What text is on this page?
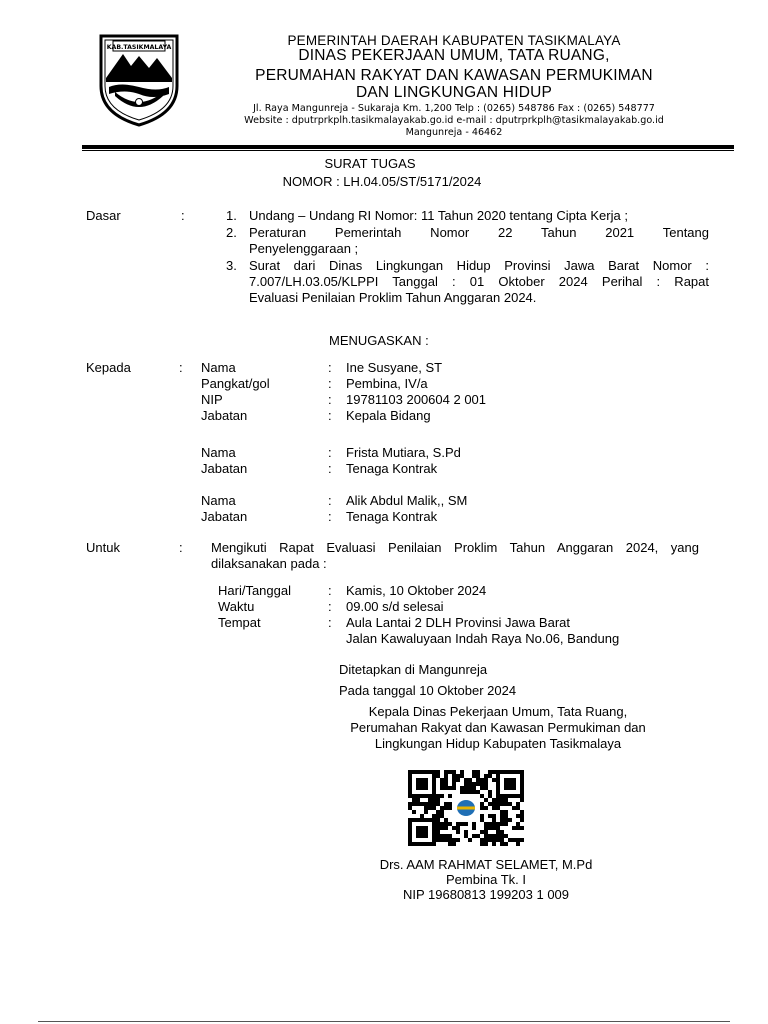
KAB.TASIKMALAYA	PEMERINTAH DAERAH KABUPATEN TASIKMALAYA
DINAS PEKERJAAN UMUM, TATA RUANG,
PERUMAHAN RAKYAT DAN KAWASAN PERMUKIMAN
DAN LINGKUNGAN HIDUP
Jl. Raya Mangunreja - Sukaraja Km. 1,200 Telp : (0265) 548786 Fax : (0265) 548777
Website : dputrprkplh.tasikmalayakab.go.id e-mail : dputrprkplh@tasikmalayakab.go.id
Mangunreja - 46462
SURAT TUGAS
NOMOR : LH.04.05/ST/5171/2024
Dasar	:	1. Undang – Undang RI Nomor: 11 Tahun 2020 tentang Cipta Kerja ;
2. Peraturan Pemerintah Nomor 22 Tahun 2021 Tentang
Penyelenggaraan ;
3. Surat dari Dinas Lingkungan Hidup Provinsi Jawa Barat Nomor :
7.007/LH.03.05/KLPPI Tanggal : 01 Oktober 2024 Perihal : Rapat
Evaluasi Penilaian Proklim Tahun Anggaran 2024.
MENUGASKAN :
Kepada	: Nama	: Ine Susyane, ST
Pangkat/gol	: Pembina, IV/a
NIP	: 19781103 200604 2 001
Jabatan	: Kepala Bidang
Nama	: Frista Mutiara, S.Pd
Jabatan	: Tenaga Kontrak
Nama	: Alik Abdul Malik,, SM
Jabatan	: Tenaga Kontrak
Untuk	: Mengikuti Rapat Evaluasi Penilaian Proklim Tahun Anggaran 2024, yang
dilaksanakan pada :
Hari/Tanggal	: Kamis, 10 Oktober 2024
Waktu	: 09.00 s/d selesai
Tempat	: Aula Lantai 2 DLH Provinsi Jawa Barat
Jalan Kawaluyaan Indah Raya No.06, Bandung
Ditetapkan di Mangunreja
Pada tanggal 10 Oktober 2024
Kepala Dinas Pekerjaan Umum, Tata Ruang,
Perumahan Rakyat dan Kawasan Permukiman dan
Lingkungan Hidup Kabupaten Tasikmalaya
Drs. AAM RAHMAT SELAMET, M.Pd
Pembina Tk. I
NIP 19680813 199203 1 009
